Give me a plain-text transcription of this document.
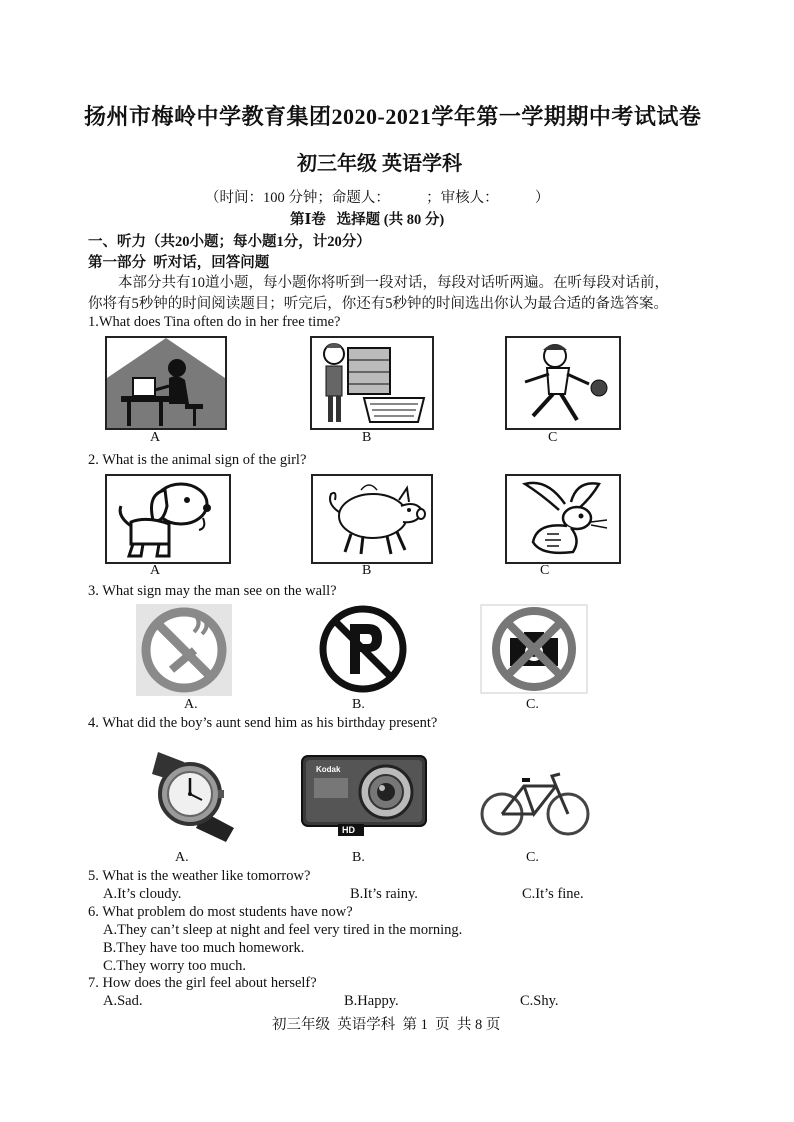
扬州市梅岭中学教育集团2020-2021学年第一学期期中考试试卷
初三年级 英语学科
（时间：100 分钟；命题人：          ；审核人：          ）
第Ⅰ卷   选择题 (共 80 分)
一、听力（共20小题；每小题1分，计20分）
第一部分  听对话，回答问题
本部分共有10道小题，每小题你将听到一段对话，每段对话听两遍。在听每段对话前，
你将有5秒钟的时间阅读题目；听完后，你还有5秒钟的时间选出你认为最合适的备选答案。
1.What does Tina often do in her free time?
A	B	C
2. What is the animal sign of the girl?
A	B	C
3. What sign may the man see on the wall?
A.	B.	C.
4. What did the boy’s aunt send him as his birthday present?
Kodak
HD
A.	B.	C.
5. What is the weather like tomorrow?
A.It’s cloudy.	B.It’s rainy.	C.It’s fine.
6. What problem do most students have now?
A.They can’t sleep at night and feel very tired in the morning.
B.They have too much homework.
C.They worry too much.
7. How does the girl feel about herself?
A.Sad.	B.Happy.	C.Shy.
初三年级  英语学科  第 1  页  共 8 页
